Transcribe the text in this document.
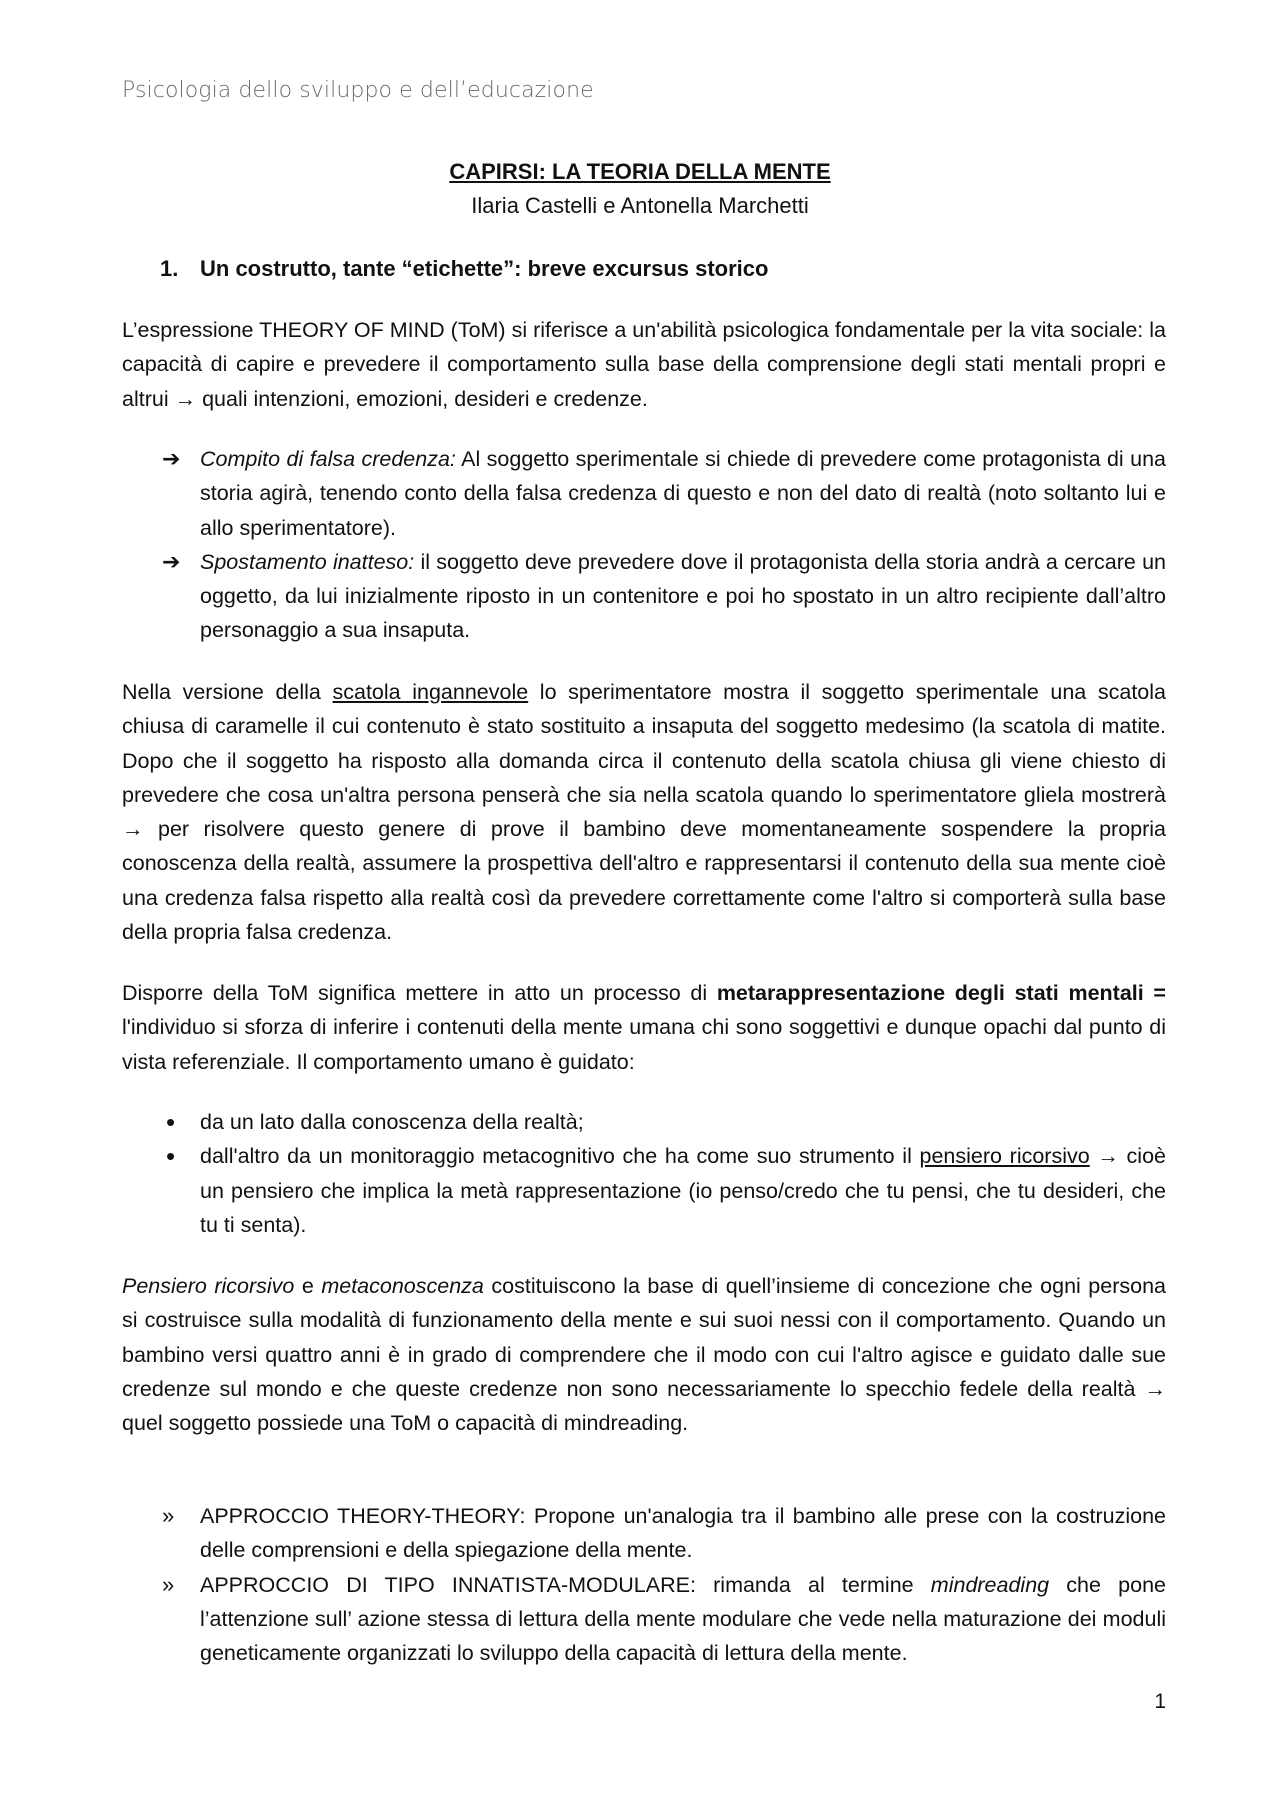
Psicologia dello sviluppo e dell’educazione
CAPIRSI: LA TEORIA DELLA MENTE
Ilaria Castelli e Antonella Marchetti
1. Un costrutto, tante “etichette”: breve excursus storico
L’espressione THEORY OF MIND (ToM) si riferisce a un'abilità psicologica fondamentale per la vita sociale: la capacità di capire e prevedere il comportamento sulla base della comprensione degli stati mentali propri e altrui → quali intenzioni, emozioni, desideri e credenze.
➔ Compito di falsa credenza: Al soggetto sperimentale si chiede di prevedere come protagonista di una storia agirà, tenendo conto della falsa credenza di questo e non del dato di realtà (noto soltanto lui e allo sperimentatore).
➔ Spostamento inatteso: il soggetto deve prevedere dove il protagonista della storia andrà a cercare un oggetto, da lui inizialmente riposto in un contenitore e poi ho spostato in un altro recipiente dall’altro personaggio a sua insaputa.
Nella versione della scatola ingannevole lo sperimentatore mostra il soggetto sperimentale una scatola chiusa di caramelle il cui contenuto è stato sostituito a insaputa del soggetto medesimo (la scatola di matite. Dopo che il soggetto ha risposto alla domanda circa il contenuto della scatola chiusa gli viene chiesto di prevedere che cosa un'altra persona penserà che sia nella scatola quando lo sperimentatore gliela mostrerà → per risolvere questo genere di prove il bambino deve momentaneamente sospendere la propria conoscenza della realtà, assumere la prospettiva dell'altro e rappresentarsi il contenuto della sua mente cioè una credenza falsa rispetto alla realtà così da prevedere correttamente come l'altro si comporterà sulla base della propria falsa credenza.
Disporre della ToM significa mettere in atto un processo di metarappresentazione degli stati mentali = l'individuo si sforza di inferire i contenuti della mente umana chi sono soggettivi e dunque opachi dal punto di vista referenziale. Il comportamento umano è guidato:
•	da un lato dalla conoscenza della realtà;
•	dall'altro da un monitoraggio metacognitivo che ha come suo strumento il pensiero ricorsivo → cioè un pensiero che implica la metà rappresentazione (io penso/credo che tu pensi, che tu desideri, che tu ti senta).
Pensiero ricorsivo e metaconoscenza costituiscono la base di quell’insieme di concezione che ogni persona si costruisce sulla modalità di funzionamento della mente e sui suoi nessi con il comportamento. Quando un bambino versi quattro anni è in grado di comprendere che il modo con cui l'altro agisce e guidato dalle sue credenze sul mondo e che queste credenze non sono necessariamente lo specchio fedele della realtà → quel soggetto possiede una ToM o capacità di mindreading.
»	APPROCCIO THEORY-THEORY: Propone un'analogia tra il bambino alle prese con la costruzione delle comprensioni e della spiegazione della mente.
»	APPROCCIO DI TIPO INNATISTA-MODULARE: rimanda al termine mindreading che pone l’attenzione sull’ azione stessa di lettura della mente modulare che vede nella maturazione dei moduli geneticamente organizzati lo sviluppo della capacità di lettura della mente.
1
